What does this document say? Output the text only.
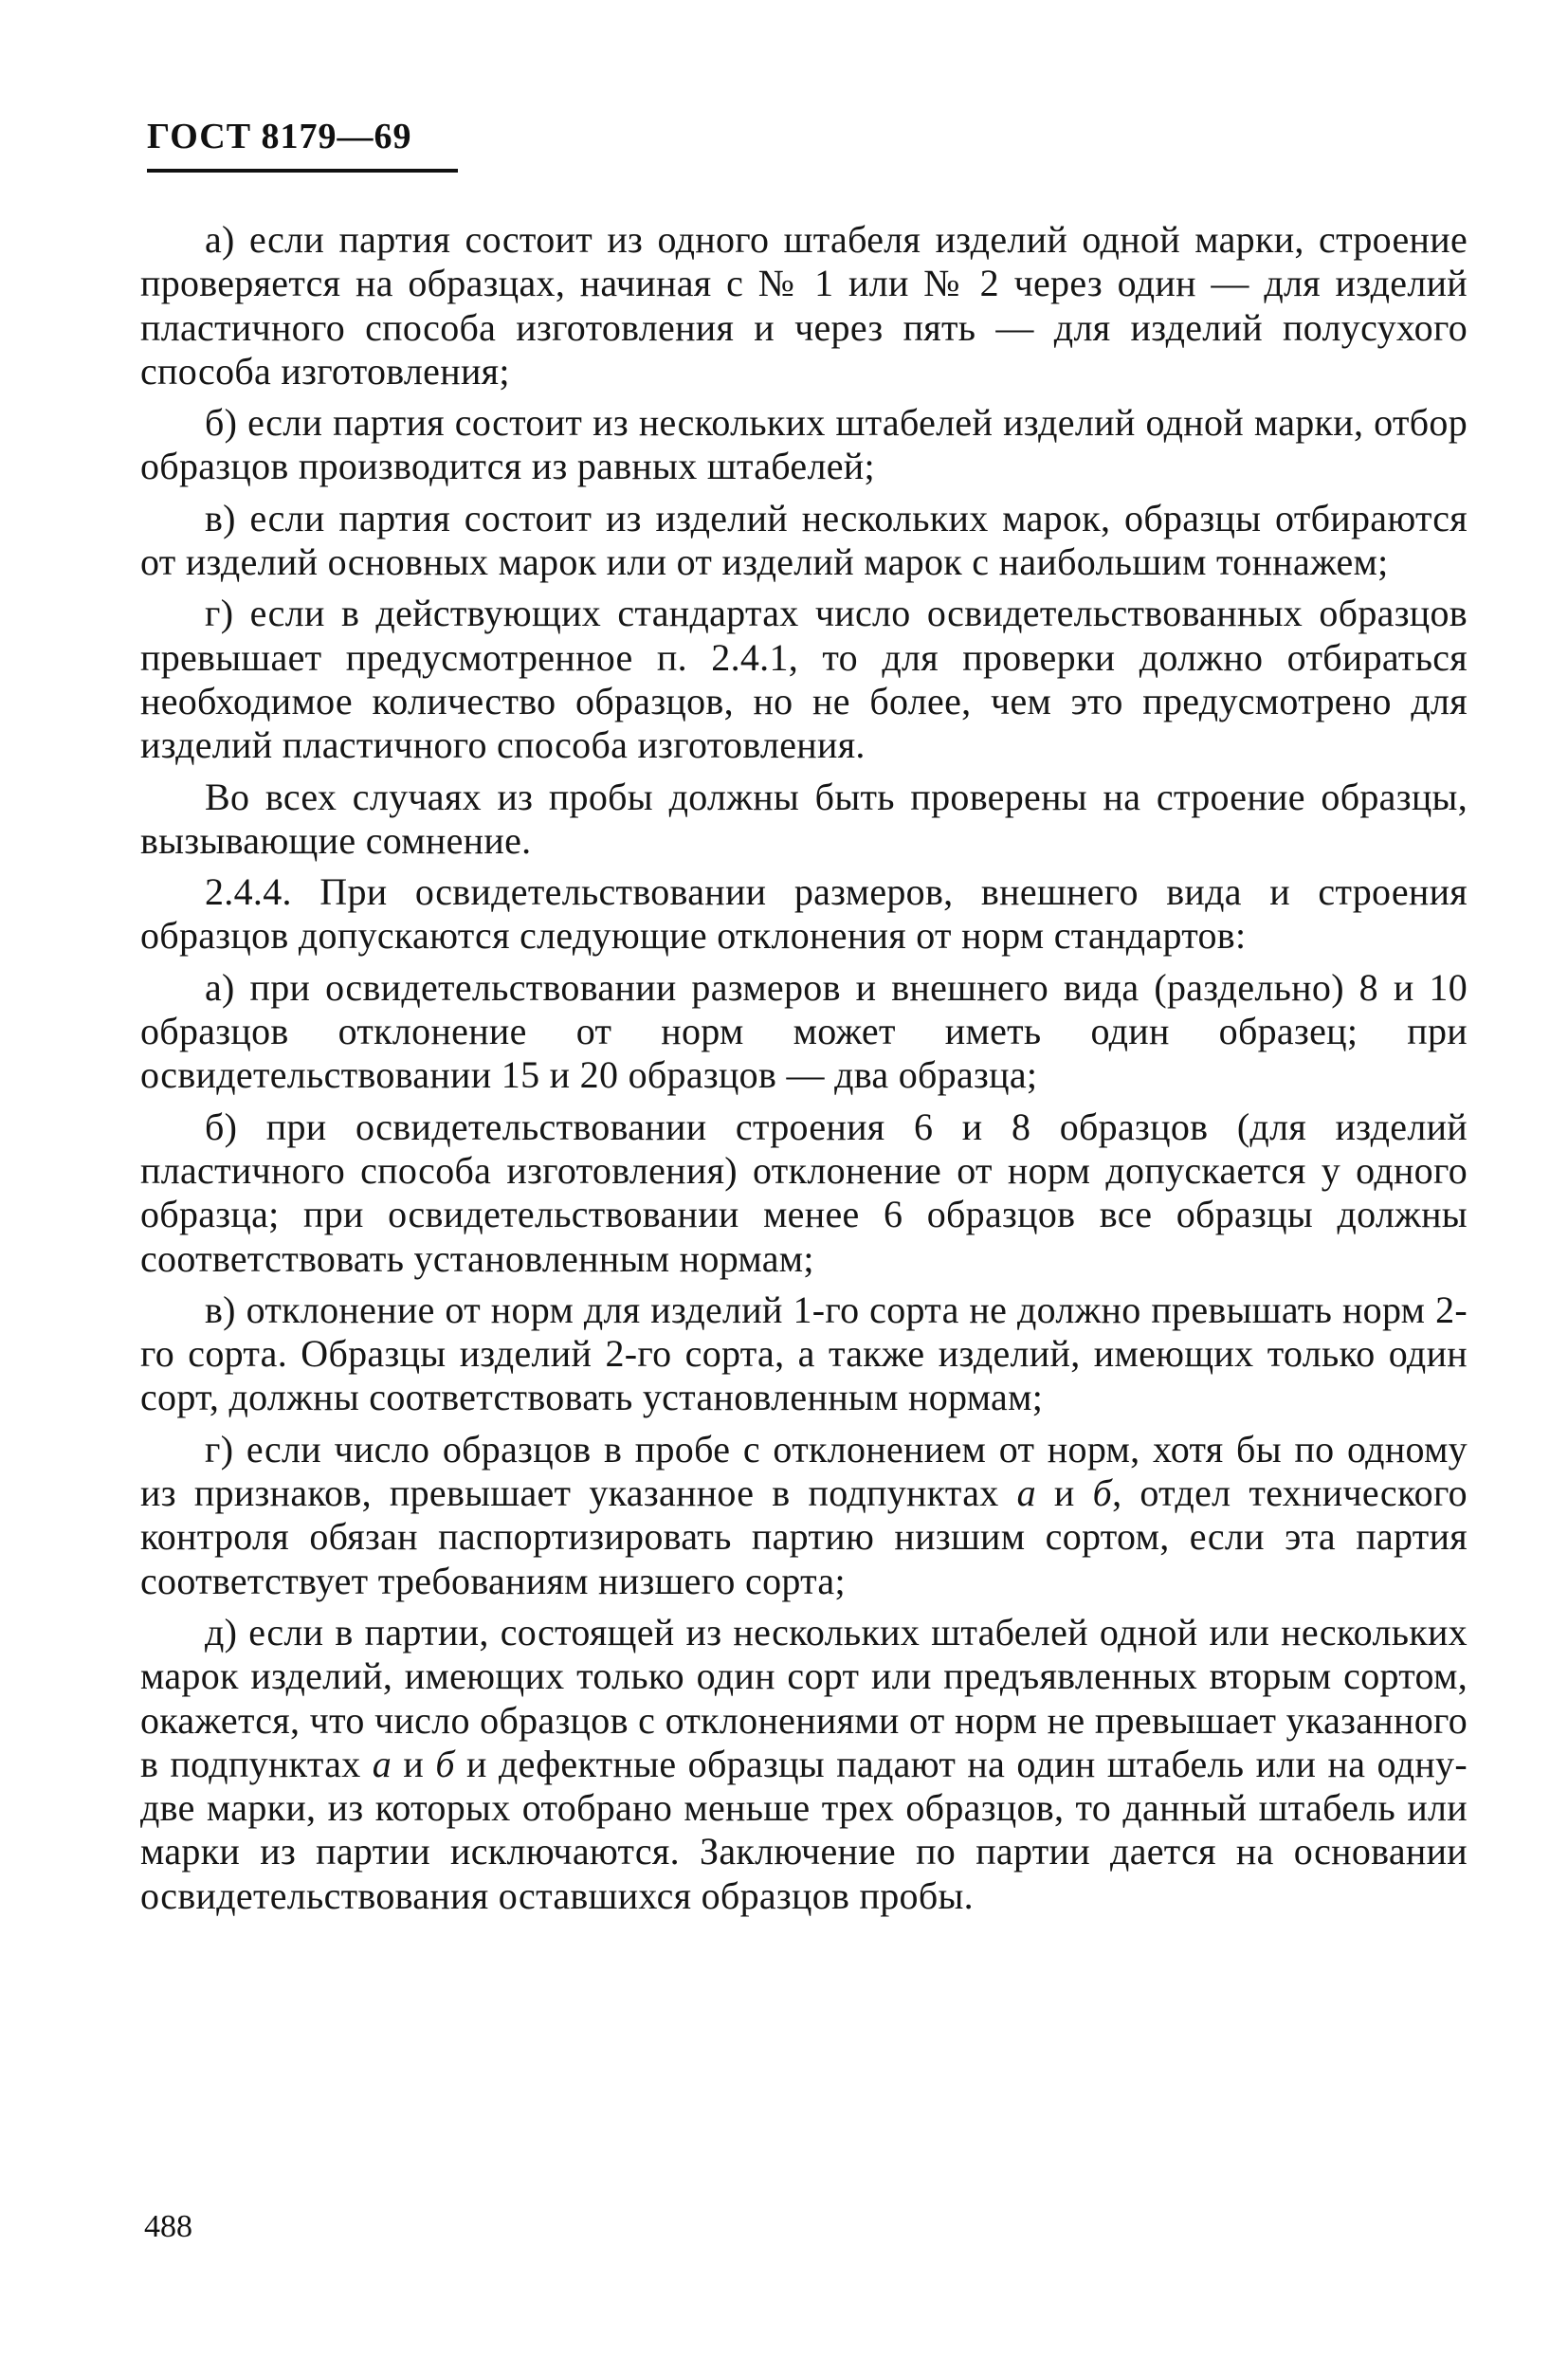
ГОСТ 8179—69

а) если партия состоит из одного штабеля изделий одной марки, строение проверяется на образцах, начиная с № 1 или № 2 через один — для изделий пластичного способа изготовления и через пять — для изделий полусухого способа изготовления;

б) если партия состоит из нескольких штабелей изделий одной марки, отбор образцов производится из равных штабелей;

в) если партия состоит из изделий нескольких марок, образцы отбираются от изделий основных марок или от изделий марок с наибольшим тоннажем;

г) если в действующих стандартах число освидетельствованных образцов превышает предусмотренное п. 2.4.1, то для проверки должно отбираться необходимое количество образцов, но не более, чем это предусмотрено для изделий пластичного способа изготовления.

Во всех случаях из пробы должны быть проверены на строение образцы, вызывающие сомнение.

2.4.4. При освидетельствовании размеров, внешнего вида и строения образцов допускаются следующие отклонения от норм стандартов:

а) при освидетельствовании размеров и внешнего вида (раздельно) 8 и 10 образцов отклонение от норм может иметь один образец; при освидетельствовании 15 и 20 образцов — два образца;

б) при освидетельствовании строения 6 и 8 образцов (для изделий пластичного способа изготовления) отклонение от норм допускается у одного образца; при освидетельствовании менее 6 образцов все образцы должны соответствовать установленным нормам;

в) отклонение от норм для изделий 1-го сорта не должно превышать норм 2-го сорта. Образцы изделий 2-го сорта, а также изделий, имеющих только один сорт, должны соответствовать установленным нормам;

г) если число образцов в пробе с отклонением от норм, хотя бы по одному из признаков, превышает указанное в подпунктах а и б, отдел технического контроля обязан паспортизировать партию низшим сортом, если эта партия соответствует требованиям низшего сорта;

д) если в партии, состоящей из нескольких штабелей одной или нескольких марок изделий, имеющих только один сорт или предъявленных вторым сортом, окажется, что число образцов с отклонениями от норм не превышает указанного в подпунктах а и б и дефектные образцы падают на один штабель или на одну-две марки, из которых отобрано меньше трех образцов, то данный штабель или марки из партии исключаются. Заключение по партии дается на основании освидетельствования оставшихся образцов пробы.

488
